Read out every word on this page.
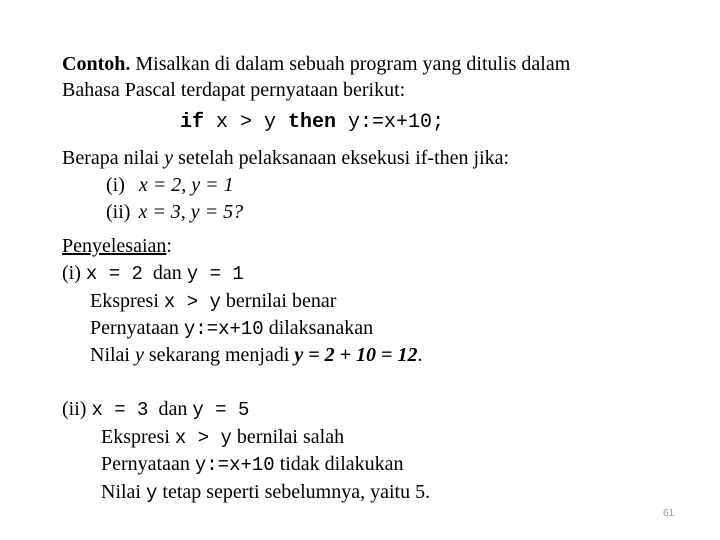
Contoh. Misalkan di dalam sebuah program yang ditulis dalam
Bahasa Pascal terdapat pernyataan berikut:
if x > y then y:=x+10;
Berapa nilai y setelah pelaksanaan eksekusi if-then jika:
(i) x = 2, y = 1
(ii) x = 3, y = 5?
Penyelesaian:
(i) x = 2 dan y = 1
Ekspresi x > y bernilai benar
Pernyataan y:=x+10 dilaksanakan
Nilai y sekarang menjadi y = 2 + 10 = 12.
(ii) x = 3 dan y = 5
Ekspresi x > y bernilai salah
Pernyataan y:=x+10 tidak dilakukan
Nilai y tetap seperti sebelumnya, yaitu 5.
61
